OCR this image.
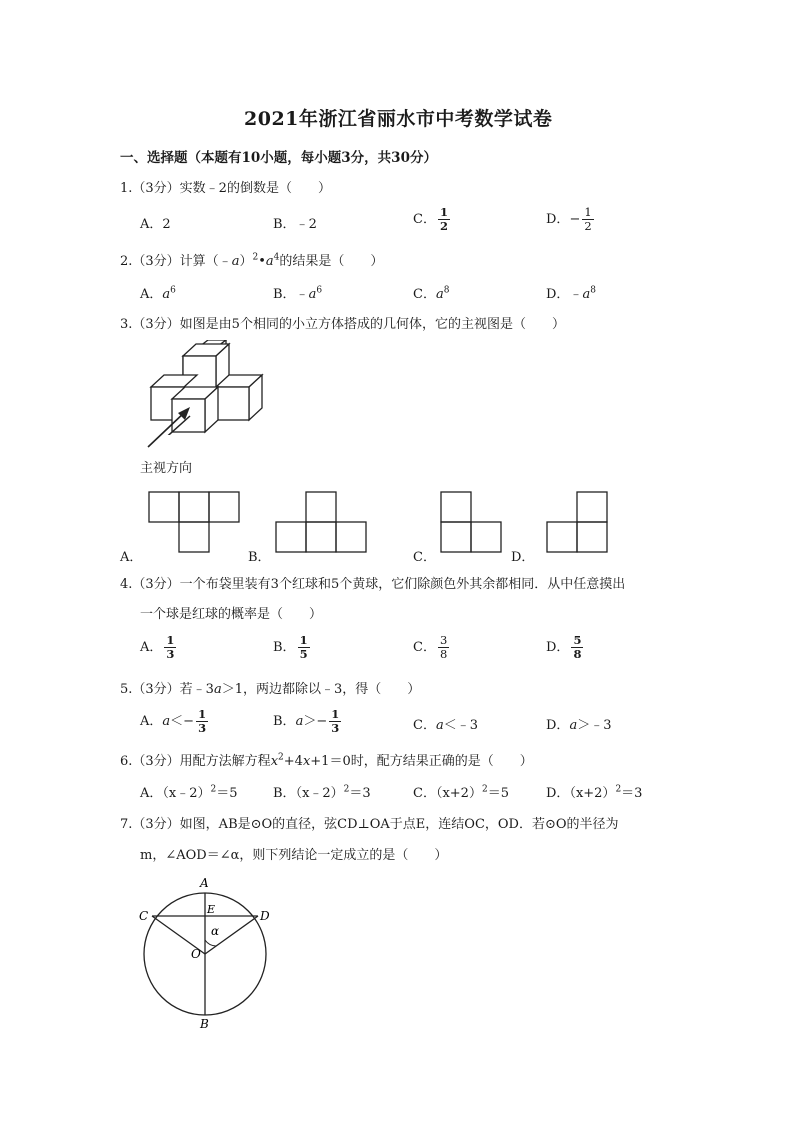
2021年浙江省丽水市中考数学试卷
一、选择题（本题有10小题，每小题3分，共30分）
1.（3分）实数﹣2的倒数是（　　）
A．2	B．﹣2	C． $\frac{1}{2}$	D．− $\frac{1}{2}$
2.（3分）计算$(﹣a)^2•a^4$的结果是（　　）
A．$a^6$	B．$﹣a^6$	C．$a^8$	D．$﹣a^8$
3.（3分）如图是由5个相同的小立方体搭成的几何体，它的主视图是（　　）
主视方向
A．	B．	C．	D．
4.（3分）一个布袋里装有3个红球和5个黄球，它们除颜色外其余都相同．从中任意摸出
一个球是红球的概率是（　　）
A． $\frac{1}{3}$	B． $\frac{1}{5}$	C． $\frac{3}{8}$	D． $\frac{5}{8}$
5.（3分）若﹣3a＞1，两边都除以﹣3，得（　　）
A．$a<- \frac{1}{3}$	B．$a>- \frac{1}{3}$	C．a＜﹣3	D．a＞﹣3
6.（3分）用配方法解方程$x^2+4x+1=0$时，配方结果正确的是（　　）
A．（x﹣2）$^2$＝5	B．（x﹣2）$^2$＝3	C．$(x+2)^2=5$	D．$(x+2)^2=3$
7.（3分）如图，AB是⊙O的直径，弦CD⊥OA于点E，连结OC，OD．若⊙O的半径为
m，∠AOD＝∠α，则下列结论一定成立的是（　　）
A
B
C	D
E
O
α
